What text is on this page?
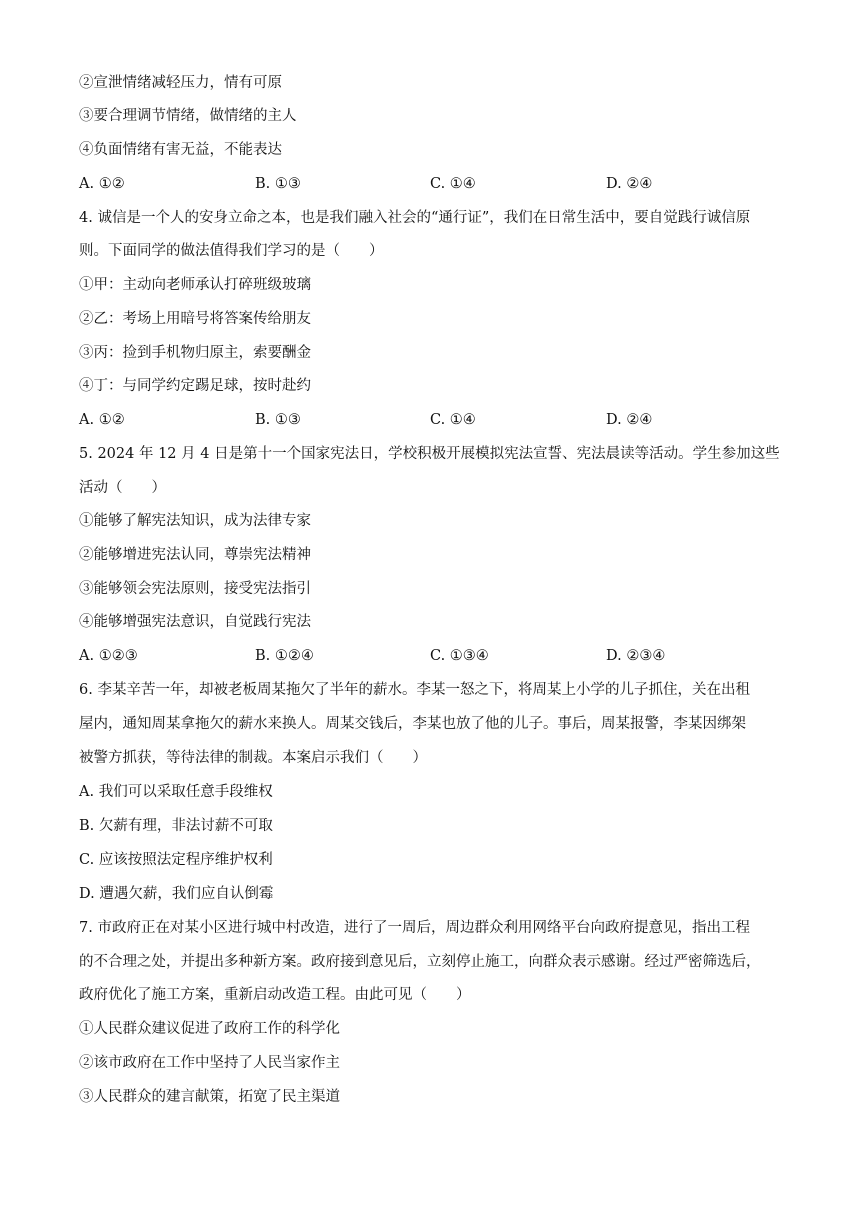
②宣泄情绪减轻压力，情有可原
③要合理调节情绪，做情绪的主人
④负面情绪有害无益，不能表达
A. ①②	B. ①③	C. ①④	D. ②④
4. 诚信是一个人的安身立命之本，也是我们融入社会的“通行证”，我们在日常生活中，要自觉践行诚信原
则。下面同学的做法值得我们学习的是（　　）
①甲：主动向老师承认打碎班级玻璃
②乙：考场上用暗号将答案传给朋友
③丙：捡到手机物归原主，索要酬金
④丁：与同学约定踢足球，按时赴约
A. ①②	B. ①③	C. ①④	D. ②④
5. 2024 年 12 月 4 日是第十一个国家宪法日，学校积极开展模拟宪法宣誓、宪法晨读等活动。学生参加这些
活动（　　）
①能够了解宪法知识，成为法律专家
②能够增进宪法认同，尊崇宪法精神
③能够领会宪法原则，接受宪法指引
④能够增强宪法意识，自觉践行宪法
A. ①②③	B. ①②④	C. ①③④	D. ②③④
6. 李某辛苦一年，却被老板周某拖欠了半年的薪水。李某一怒之下，将周某上小学的儿子抓住，关在出租
屋内，通知周某拿拖欠的薪水来换人。周某交钱后，李某也放了他的儿子。事后，周某报警，李某因绑架
被警方抓获，等待法律的制裁。本案启示我们（　　）
A. 我们可以采取任意手段维权
B. 欠薪有理，非法讨薪不可取
C. 应该按照法定程序维护权利
D. 遭遇欠薪，我们应自认倒霉
7. 市政府正在对某小区进行城中村改造，进行了一周后，周边群众利用网络平台向政府提意见，指出工程
的不合理之处，并提出多种新方案。政府接到意见后，立刻停止施工，向群众表示感谢。经过严密筛选后，
政府优化了施工方案，重新启动改造工程。由此可见（　　）
①人民群众建议促进了政府工作的科学化
②该市政府在工作中坚持了人民当家作主
③人民群众的建言献策，拓宽了民主渠道
